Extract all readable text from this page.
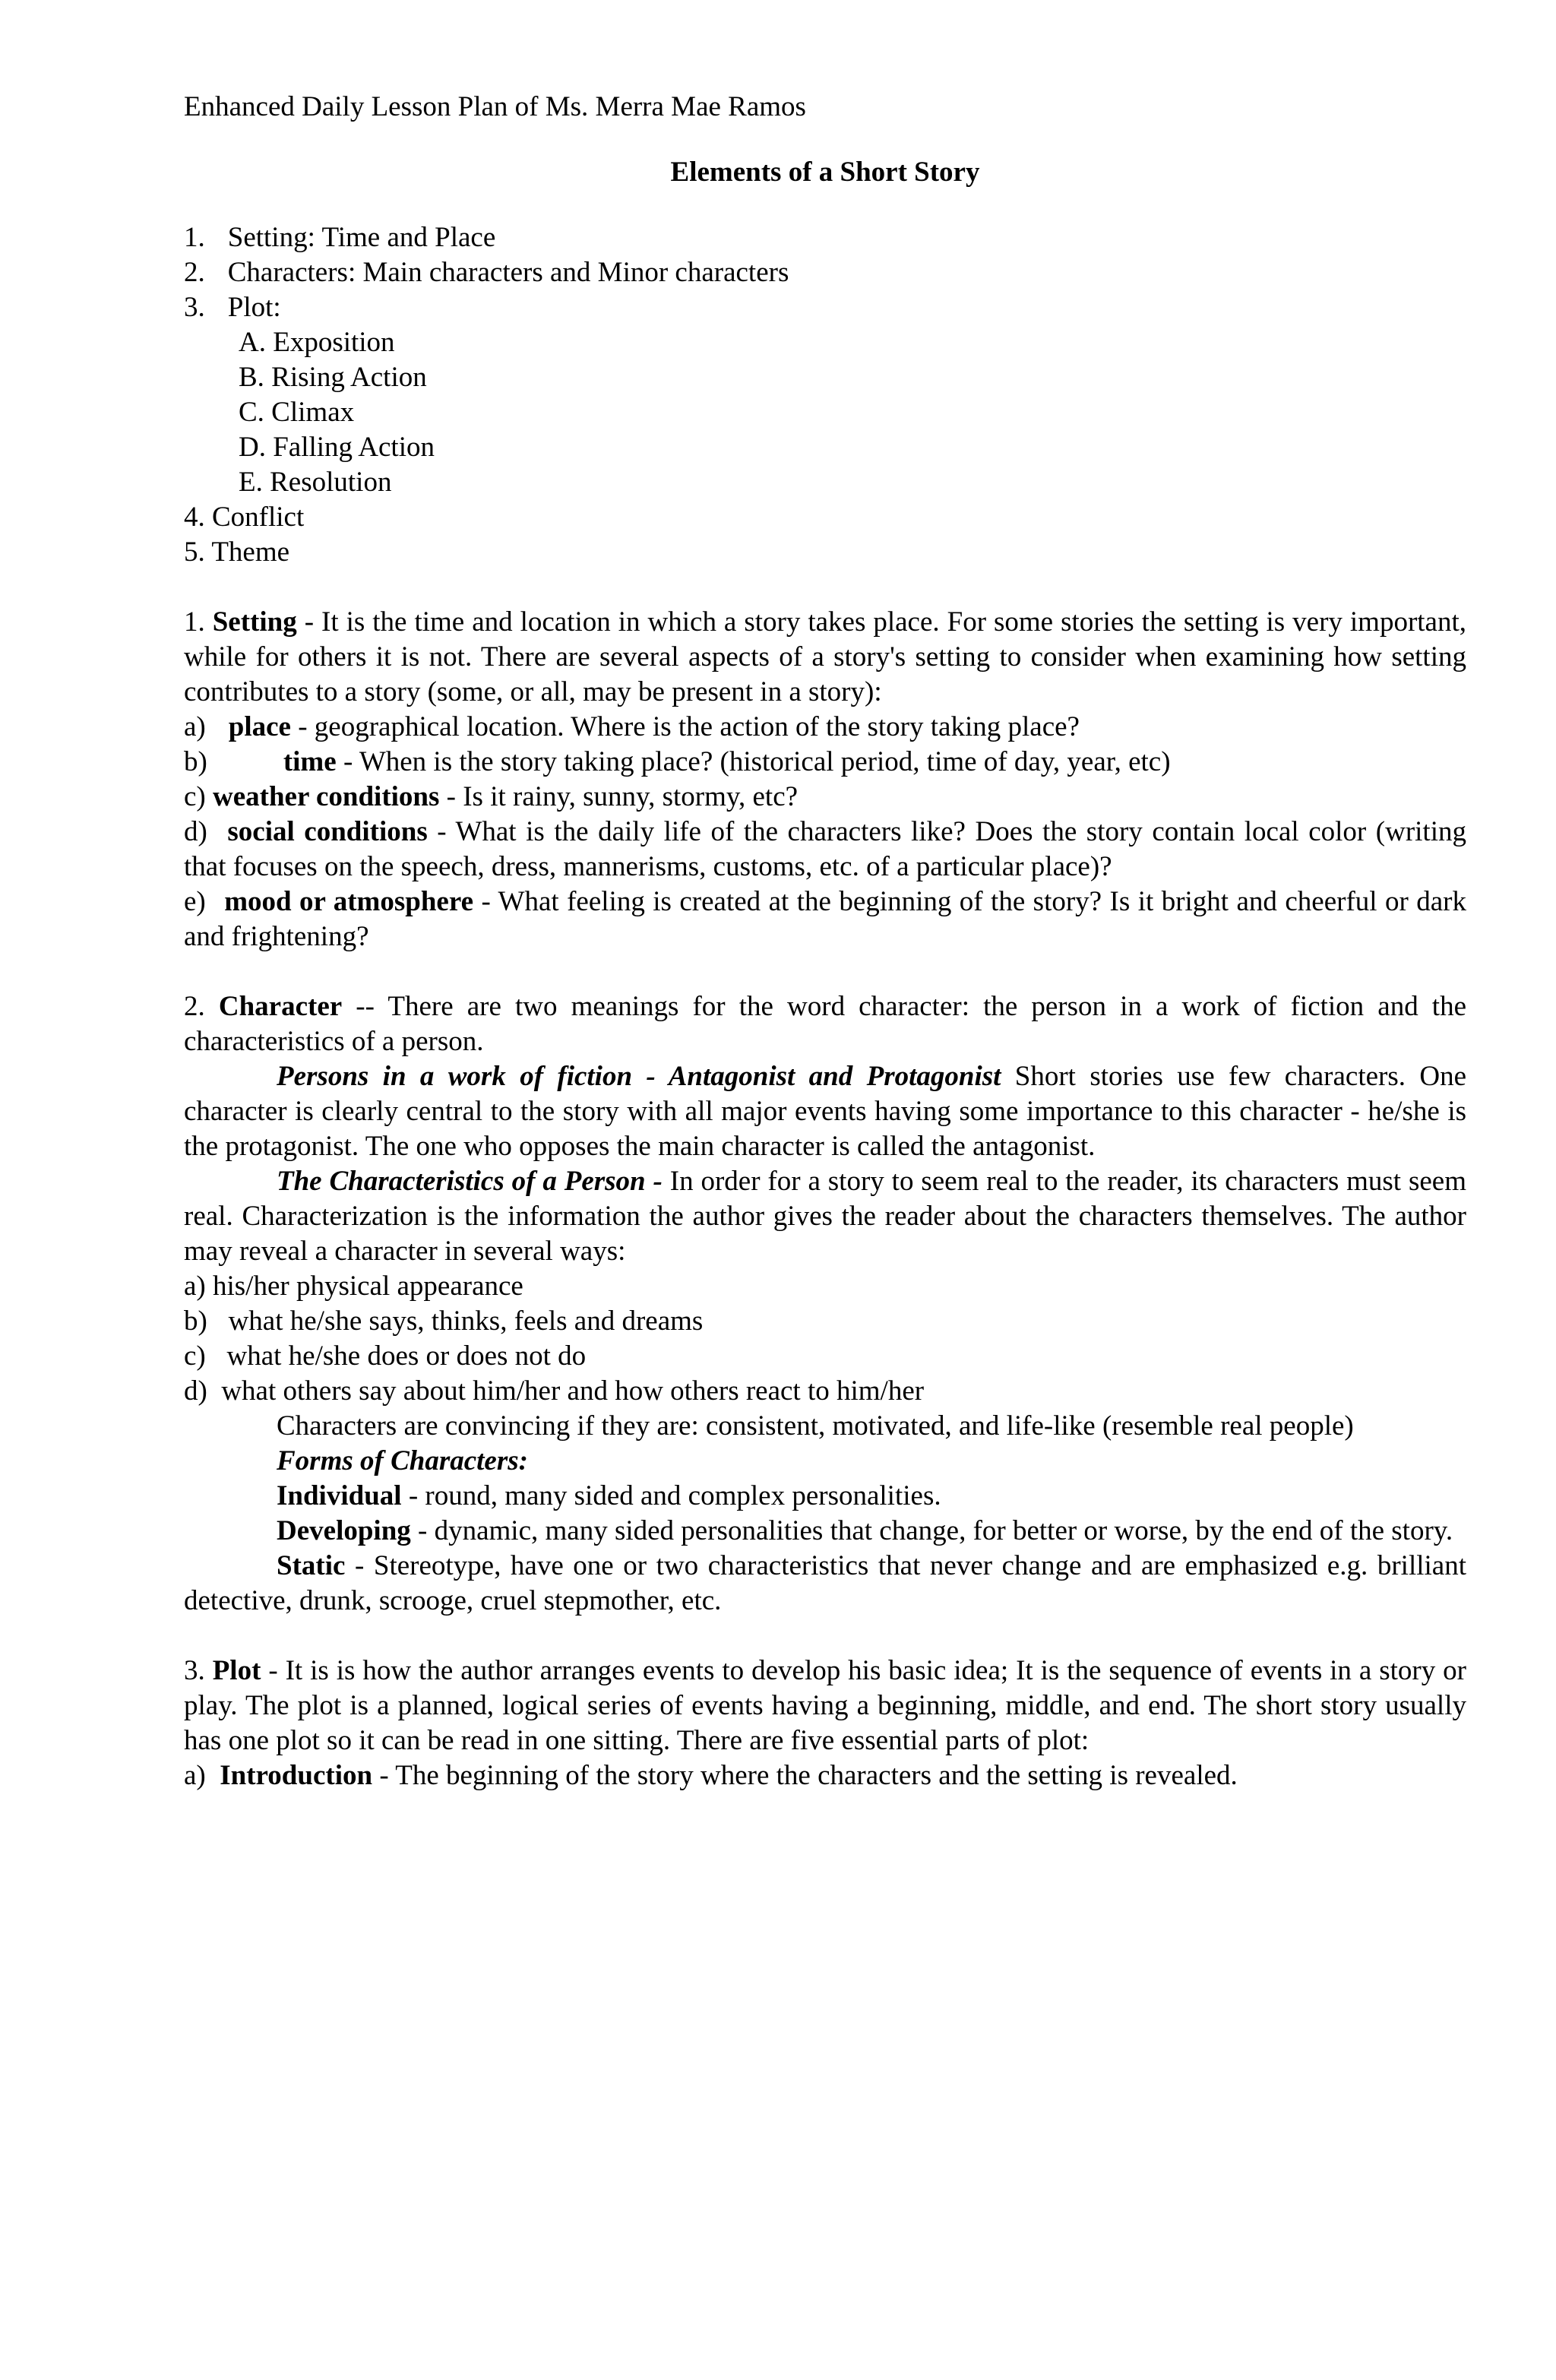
Enhanced Daily Lesson Plan of Ms. Merra Mae Ramos
Elements of a Short Story
1. Setting: Time and Place
2. Characters: Main characters and Minor characters
3. Plot:
A. Exposition
B. Rising Action
C. Climax
D. Falling Action
E. Resolution
4. Conflict
5. Theme
1. Setting - It is the time and location in which a story takes place. For some stories the setting is very important, while for others it is not. There are several aspects of a story's setting to consider when examining how setting contributes to a story (some, or all, may be present in a story):
a) place - geographical location. Where is the action of the story taking place?
b)	time - When is the story taking place? (historical period, time of day, year, etc)
c) weather conditions - Is it rainy, sunny, stormy, etc?
d) social conditions - What is the daily life of the characters like? Does the story contain local color (writing that focuses on the speech, dress, mannerisms, customs, etc. of a particular place)?
e) mood or atmosphere - What feeling is created at the beginning of the story? Is it bright and cheerful or dark and frightening?
2. Character -- There are two meanings for the word character: the person in a work of fiction and the characteristics of a person.
Persons in a work of fiction - Antagonist and Protagonist Short stories use few characters. One character is clearly central to the story with all major events having some importance to this character - he/she is the protagonist. The one who opposes the main character is called the antagonist.
The Characteristics of a Person - In order for a story to seem real to the reader, its characters must seem real. Characterization is the information the author gives the reader about the characters themselves. The author may reveal a character in several ways:
a) his/her physical appearance
b)   what he/she says, thinks, feels and dreams
c)   what he/she does or does not do
d)  what others say about him/her and how others react to him/her
Characters are convincing if they are: consistent, motivated, and life-like (resemble real people)
Forms of Characters:
Individual - round, many sided and complex personalities.
Developing - dynamic, many sided personalities that change, for better or worse, by the end of the story.
Static - Stereotype, have one or two characteristics that never change and are emphasized e.g. brilliant detective, drunk, scrooge, cruel stepmother, etc.
3. Plot - It is is how the author arranges events to develop his basic idea; It is the sequence of events in a story or play. The plot is a planned, logical series of events having a beginning, middle, and end. The short story usually has one plot so it can be read in one sitting. There are five essential parts of plot:
a)  Introduction - The beginning of the story where the characters and the setting is revealed.
